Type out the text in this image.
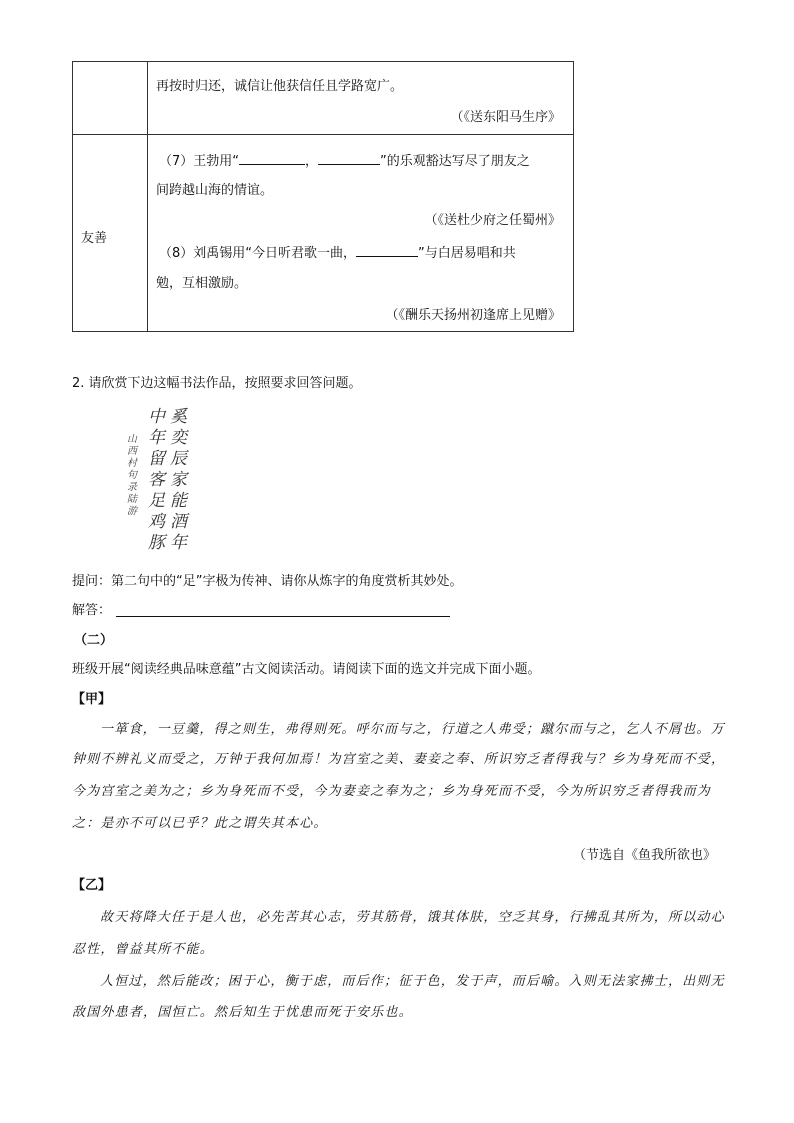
再按时归还，诚信让他获信任且学路宽广。
（《送东阳马生序》
友善
（7）王勃用“	，	”的乐观豁达写尽了朋友之
间跨越山海的情谊。
（《送杜少府之任蜀州》
（8）刘禹锡用“今日听君歌一曲，	”与白居易唱和共
勉，互相激励。
（《酬乐天扬州初逢席上见赠》
2. 请欣赏下边这幅书法作品，按照要求回答问题。
奚奕辰家能酒年
中年留客足鸡豚
山西村句录陆游
提问：第二句中的“足”字极为传神、请你从炼字的角度赏析其妙处。
解答：
（二）
班级开展“阅读经典品味意蕴”古文阅读活动。请阅读下面的选文并完成下面小题。
【甲】
一箪食，一豆羹，得之则生，弗得则死。呼尔而与之，行道之人弗受；蹴尔而与之，乞人不屑也。万
钟则不辨礼义而受之，万钟于我何加焉！为宫室之美、妻妾之奉、所识穷乏者得我与？乡为身死而不受，
今为宫室之美为之；乡为身死而不受，今为妻妾之奉为之；乡为身死而不受，今为所识穷乏者得我而为
之：是亦不可以已乎？此之谓失其本心。
（节选自《鱼我所欲也》
【乙】
故天将降大任于是人也，必先苦其心志，劳其筋骨，饿其体肤，空乏其身，行拂乱其所为，所以动心
忍性，曾益其所不能。
人恒过，然后能改；困于心，衡于虑，而后作；征于色，发于声，而后喻。入则无法家拂士，出则无
敌国外患者，国恒亡。然后知生于忧患而死于安乐也。
